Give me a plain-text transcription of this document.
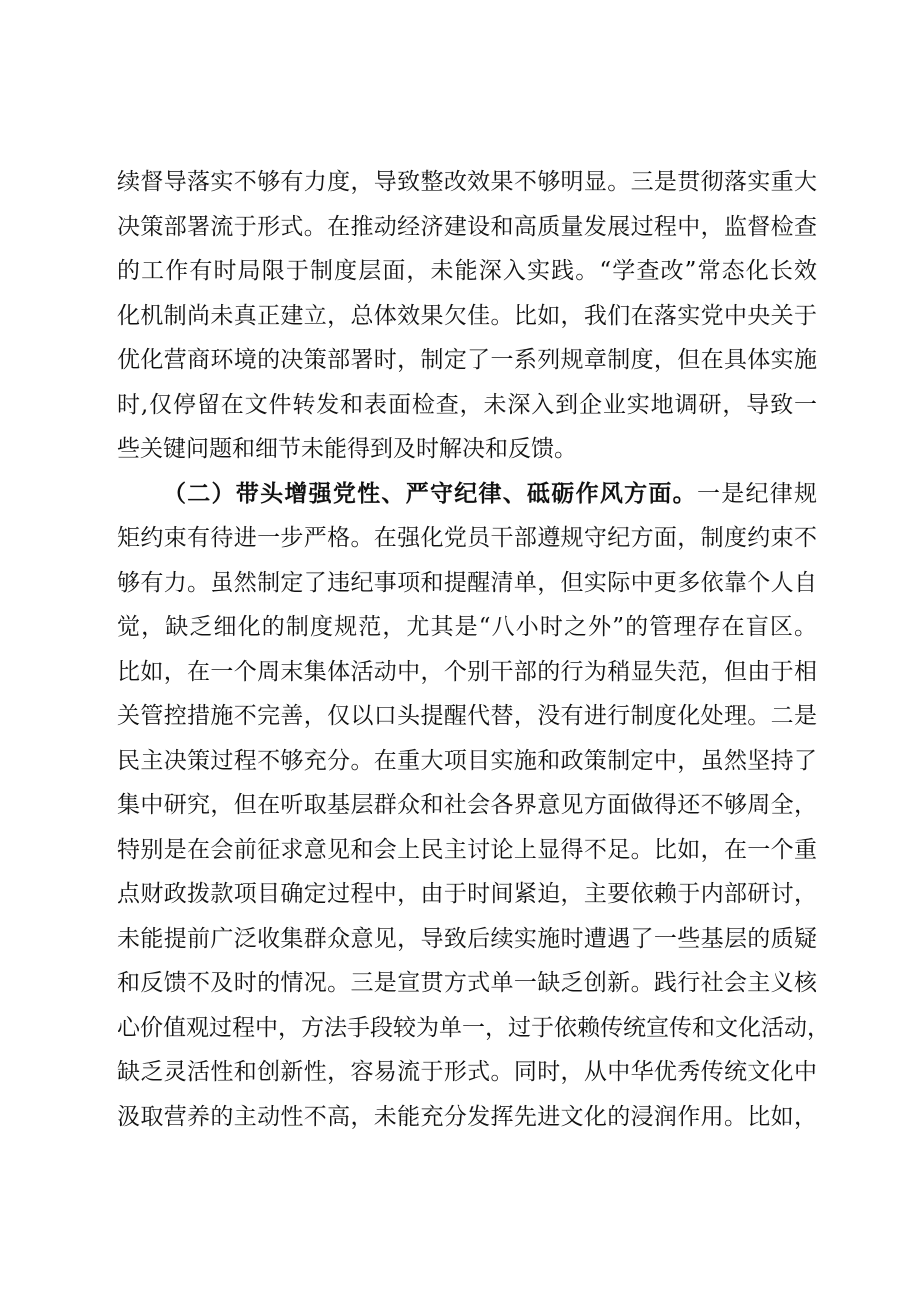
续督导落实不够有力度，导致整改效果不够明显。三是贯彻落实重大
决策部署流于形式。在推动经济建设和高质量发展过程中，监督检查
的工作有时局限于制度层面，未能深入实践。“学查改”常态化长效
化机制尚未真正建立，总体效果欠佳。比如，我们在落实党中央关于
优化营商环境的决策部署时，制定了一系列规章制度，但在具体实施
时,仅停留在文件转发和表面检查，未深入到企业实地调研，导致一
些关键问题和细节未能得到及时解决和反馈。
（二）带头增强党性、严守纪律、砥砺作风方面。一是纪律规
矩约束有待进一步严格。在强化党员干部遵规守纪方面，制度约束不
够有力。虽然制定了违纪事项和提醒清单，但实际中更多依靠个人自
觉，缺乏细化的制度规范，尤其是“八小时之外”的管理存在盲区。
比如，在一个周末集体活动中，个别干部的行为稍显失范，但由于相
关管控措施不完善，仅以口头提醒代替，没有进行制度化处理。二是
民主决策过程不够充分。在重大项目实施和政策制定中，虽然坚持了
集中研究，但在听取基层群众和社会各界意见方面做得还不够周全，
特别是在会前征求意见和会上民主讨论上显得不足。比如，在一个重
点财政拨款项目确定过程中，由于时间紧迫，主要依赖于内部研讨，
未能提前广泛收集群众意见，导致后续实施时遭遇了一些基层的质疑
和反馈不及时的情况。三是宣贯方式单一缺乏创新。践行社会主义核
心价值观过程中，方法手段较为单一，过于依赖传统宣传和文化活动，
缺乏灵活性和创新性，容易流于形式。同时，从中华优秀传统文化中
汲取营养的主动性不高，未能充分发挥先进文化的浸润作用。比如，
